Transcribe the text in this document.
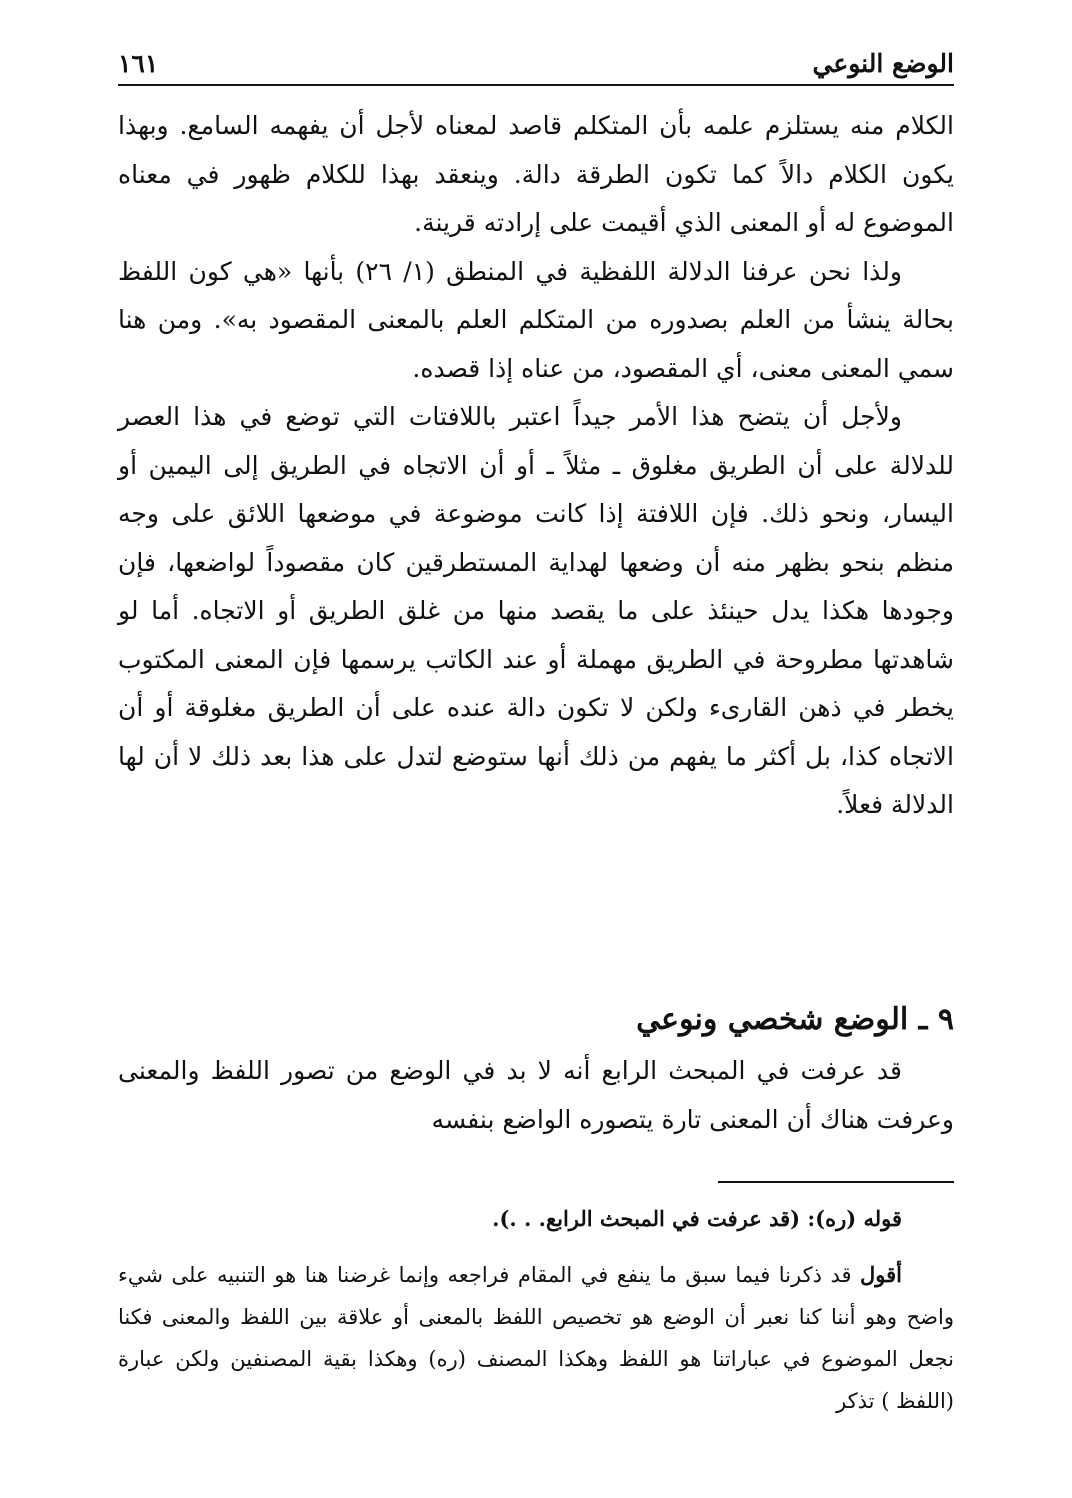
الوضع النوعي
١٦١

الكلام منه يستلزم علمه بأن المتكلم قاصد لمعناه لأجل أن يفهمه السامع. وبهذا يكون الكلام دالاً كما تكون الطرقة دالة. وينعقد بهذا للكلام ظهور في معناه الموضوع له أو المعنى الذي أقيمت على إرادته قرينة.

ولذا نحن عرفنا الدلالة اللفظية في المنطق (١/ ٢٦) بأنها «هي كون اللفظ بحالة ينشأ من العلم بصدوره من المتكلم العلم بالمعنى المقصود به». ومن هنا سمي المعنى معنى، أي المقصود، من عناه إذا قصده.

ولأجل أن يتضح هذا الأمر جيداً اعتبر باللافتات التي توضع في هذا العصر للدلالة على أن الطريق مغلوق ـ مثلاً ـ أو أن الاتجاه في الطريق إلى اليمين أو اليسار، ونحو ذلك. فإن اللافتة إذا كانت موضوعة في موضعها اللائق على وجه منظم بنحو بظهر منه أن وضعها لهداية المستطرقين كان مقصوداً لواضعها، فإن وجودها هكذا يدل حينئذ على ما يقصد منها من غلق الطريق أو الاتجاه. أما لو شاهدتها مطروحة في الطريق مهملة أو عند الكاتب يرسمها فإن المعنى المكتوب يخطر في ذهن القارىء ولكن لا تكون دالة عنده على أن الطريق مغلوقة أو أن الاتجاه كذا، بل أكثر ما يفهم من ذلك أنها ستوضع لتدل على هذا بعد ذلك لا أن لها الدلالة فعلاً.

٩ ـ الوضع شخصي ونوعي

قد عرفت في المبحث الرابع أنه لا بد في الوضع من تصور اللفظ والمعنى وعرفت هناك أن المعنى تارة يتصوره الواضع بنفسه

قوله (ره): (قد عرفت في المبحث الرابع. . .).

أقول قد ذكرنا فيما سبق ما ينفع في المقام فراجعه وإنما غرضنا هنا هو التنبيه على شيء واضح وهو أننا كنا نعبر أن الوضع هو تخصيص اللفظ بالمعنى أو علاقة بين اللفظ والمعنى فكنا نجعل الموضوع في عباراتنا هو اللفظ وهكذا المصنف (ره) وهكذا بقية المصنفين ولكن عبارة (اللفظ ) تذكر
